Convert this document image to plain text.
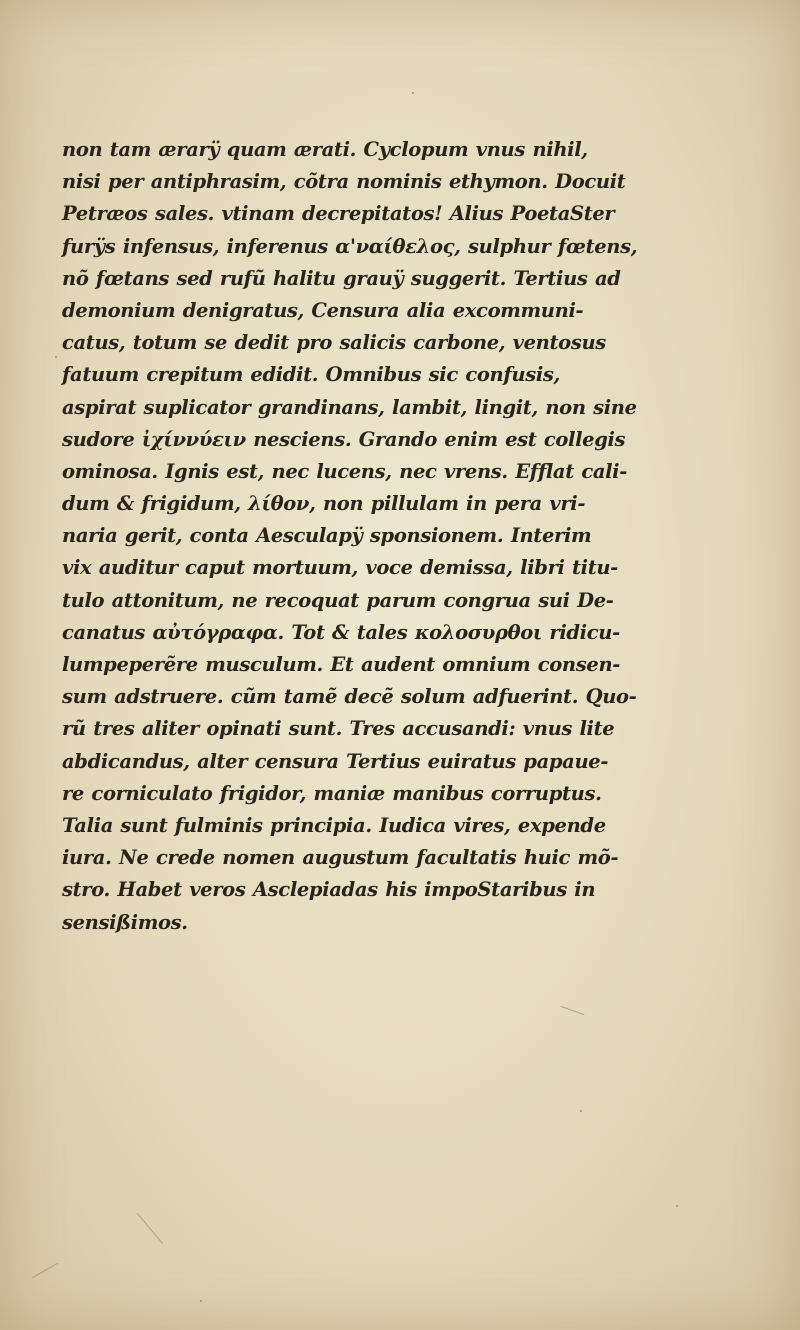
non tam ærarÿ quam ærati. Cyclopum vnus nihil,
nisi per antiphrasim, cõtra nominis ethymon. Docuit
Petræos sales. vtinam decrepitatos! Alius PoetaSter
furÿs infensus, inferenus α'ναίθελος, sulphur fœtens,
nõ fœtans sed rufũ halitu grauÿ suggerit. Tertius ad
demonium denigratus, Censura alia excommuni-
catus, totum se dedit pro salicis carbone, ventosus
fatuum crepitum edidit. Omnibus sic confusis,
aspirat suplicator grandinans, lambit, lingit, non sine
sudore ἰχίννύειν nesciens. Grando enim est collegis
ominosa. Ignis est, nec lucens, nec vrens. Efflat cali-
dum & frigidum, λίθον, non pillulam in pera vri-
naria gerit, conta Aesculapÿ sponsionem. Interim
vix auditur caput mortuum, voce demissa, libri titu-
tulo attonitum, ne recoquat parum congrua sui De-
canatus αὐτόγραφα. Tot & tales κολοσυρθοι ridicu-
lumpeperẽre musculum. Et audent omnium consen-
sum adstruere. cũm tamẽ decẽ solum adfuerint. Quo-
rũ tres aliter opinati sunt. Tres accusandi: vnus lite
abdicandus, alter censura Tertius euiratus papaue-
re corniculato frigidor, maniæ manibus corruptus.
Talia sunt fulminis principia. Iudica vires, expende
iura. Ne crede nomen augustum facultatis huic mõ-
stro. Habet veros Asclepiadas his impoStaribus in
sensißimos.
